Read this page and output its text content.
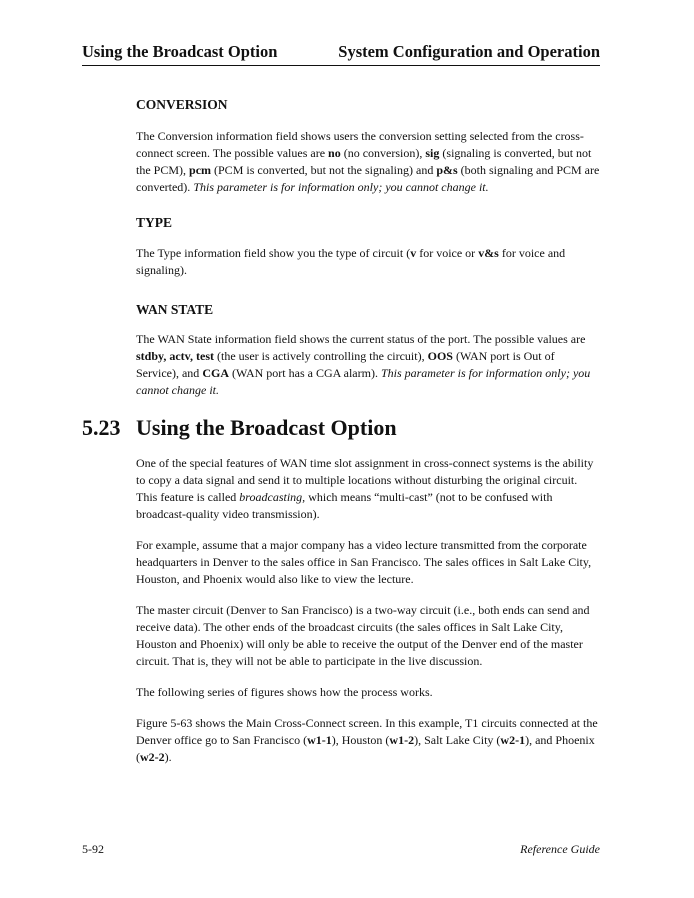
Using the Broadcast Option	System Configuration and Operation
CONVERSION

The Conversion information field shows users the conversion setting selected from the cross-connect screen. The possible values are no (no conversion), sig (signaling is converted, but not the PCM), pcm (PCM is converted, but not the signaling) and p&s (both signaling and PCM are converted). This parameter is for information only; you cannot change it.

TYPE

The Type information field show you the type of circuit (v for voice or v&s for voice and signaling).

WAN STATE

The WAN State information field shows the current status of the port. The possible values are stdby, actv, test (the user is actively controlling the circuit), OOS (WAN port is Out of Service), and CGA (WAN port has a CGA alarm). This parameter is for information only; you cannot change it.

5.23 Using the Broadcast Option

One of the special features of WAN time slot assignment in cross-connect systems is the ability to copy a data signal and send it to multiple locations without disturbing the original circuit. This feature is called broadcasting, which means “multi-cast” (not to be confused with broadcast-quality video transmission).

For example, assume that a major company has a video lecture transmitted from the corporate headquarters in Denver to the sales office in San Francisco. The sales offices in Salt Lake City, Houston, and Phoenix would also like to view the lecture.

The master circuit (Denver to San Francisco) is a two-way circuit (i.e., both ends can send and receive data). The other ends of the broadcast circuits (the sales offices in Salt Lake City, Houston and Phoenix) will only be able to receive the output of the Denver end of the master circuit. That is, they will not be able to participate in the live discussion.

The following series of figures shows how the process works.

Figure 5-63 shows the Main Cross-Connect screen. In this example, T1 circuits connected at the Denver office go to San Francisco (w1-1), Houston (w1-2), Salt Lake City (w2-1), and Phoenix (w2-2).

5-92	Reference Guide
